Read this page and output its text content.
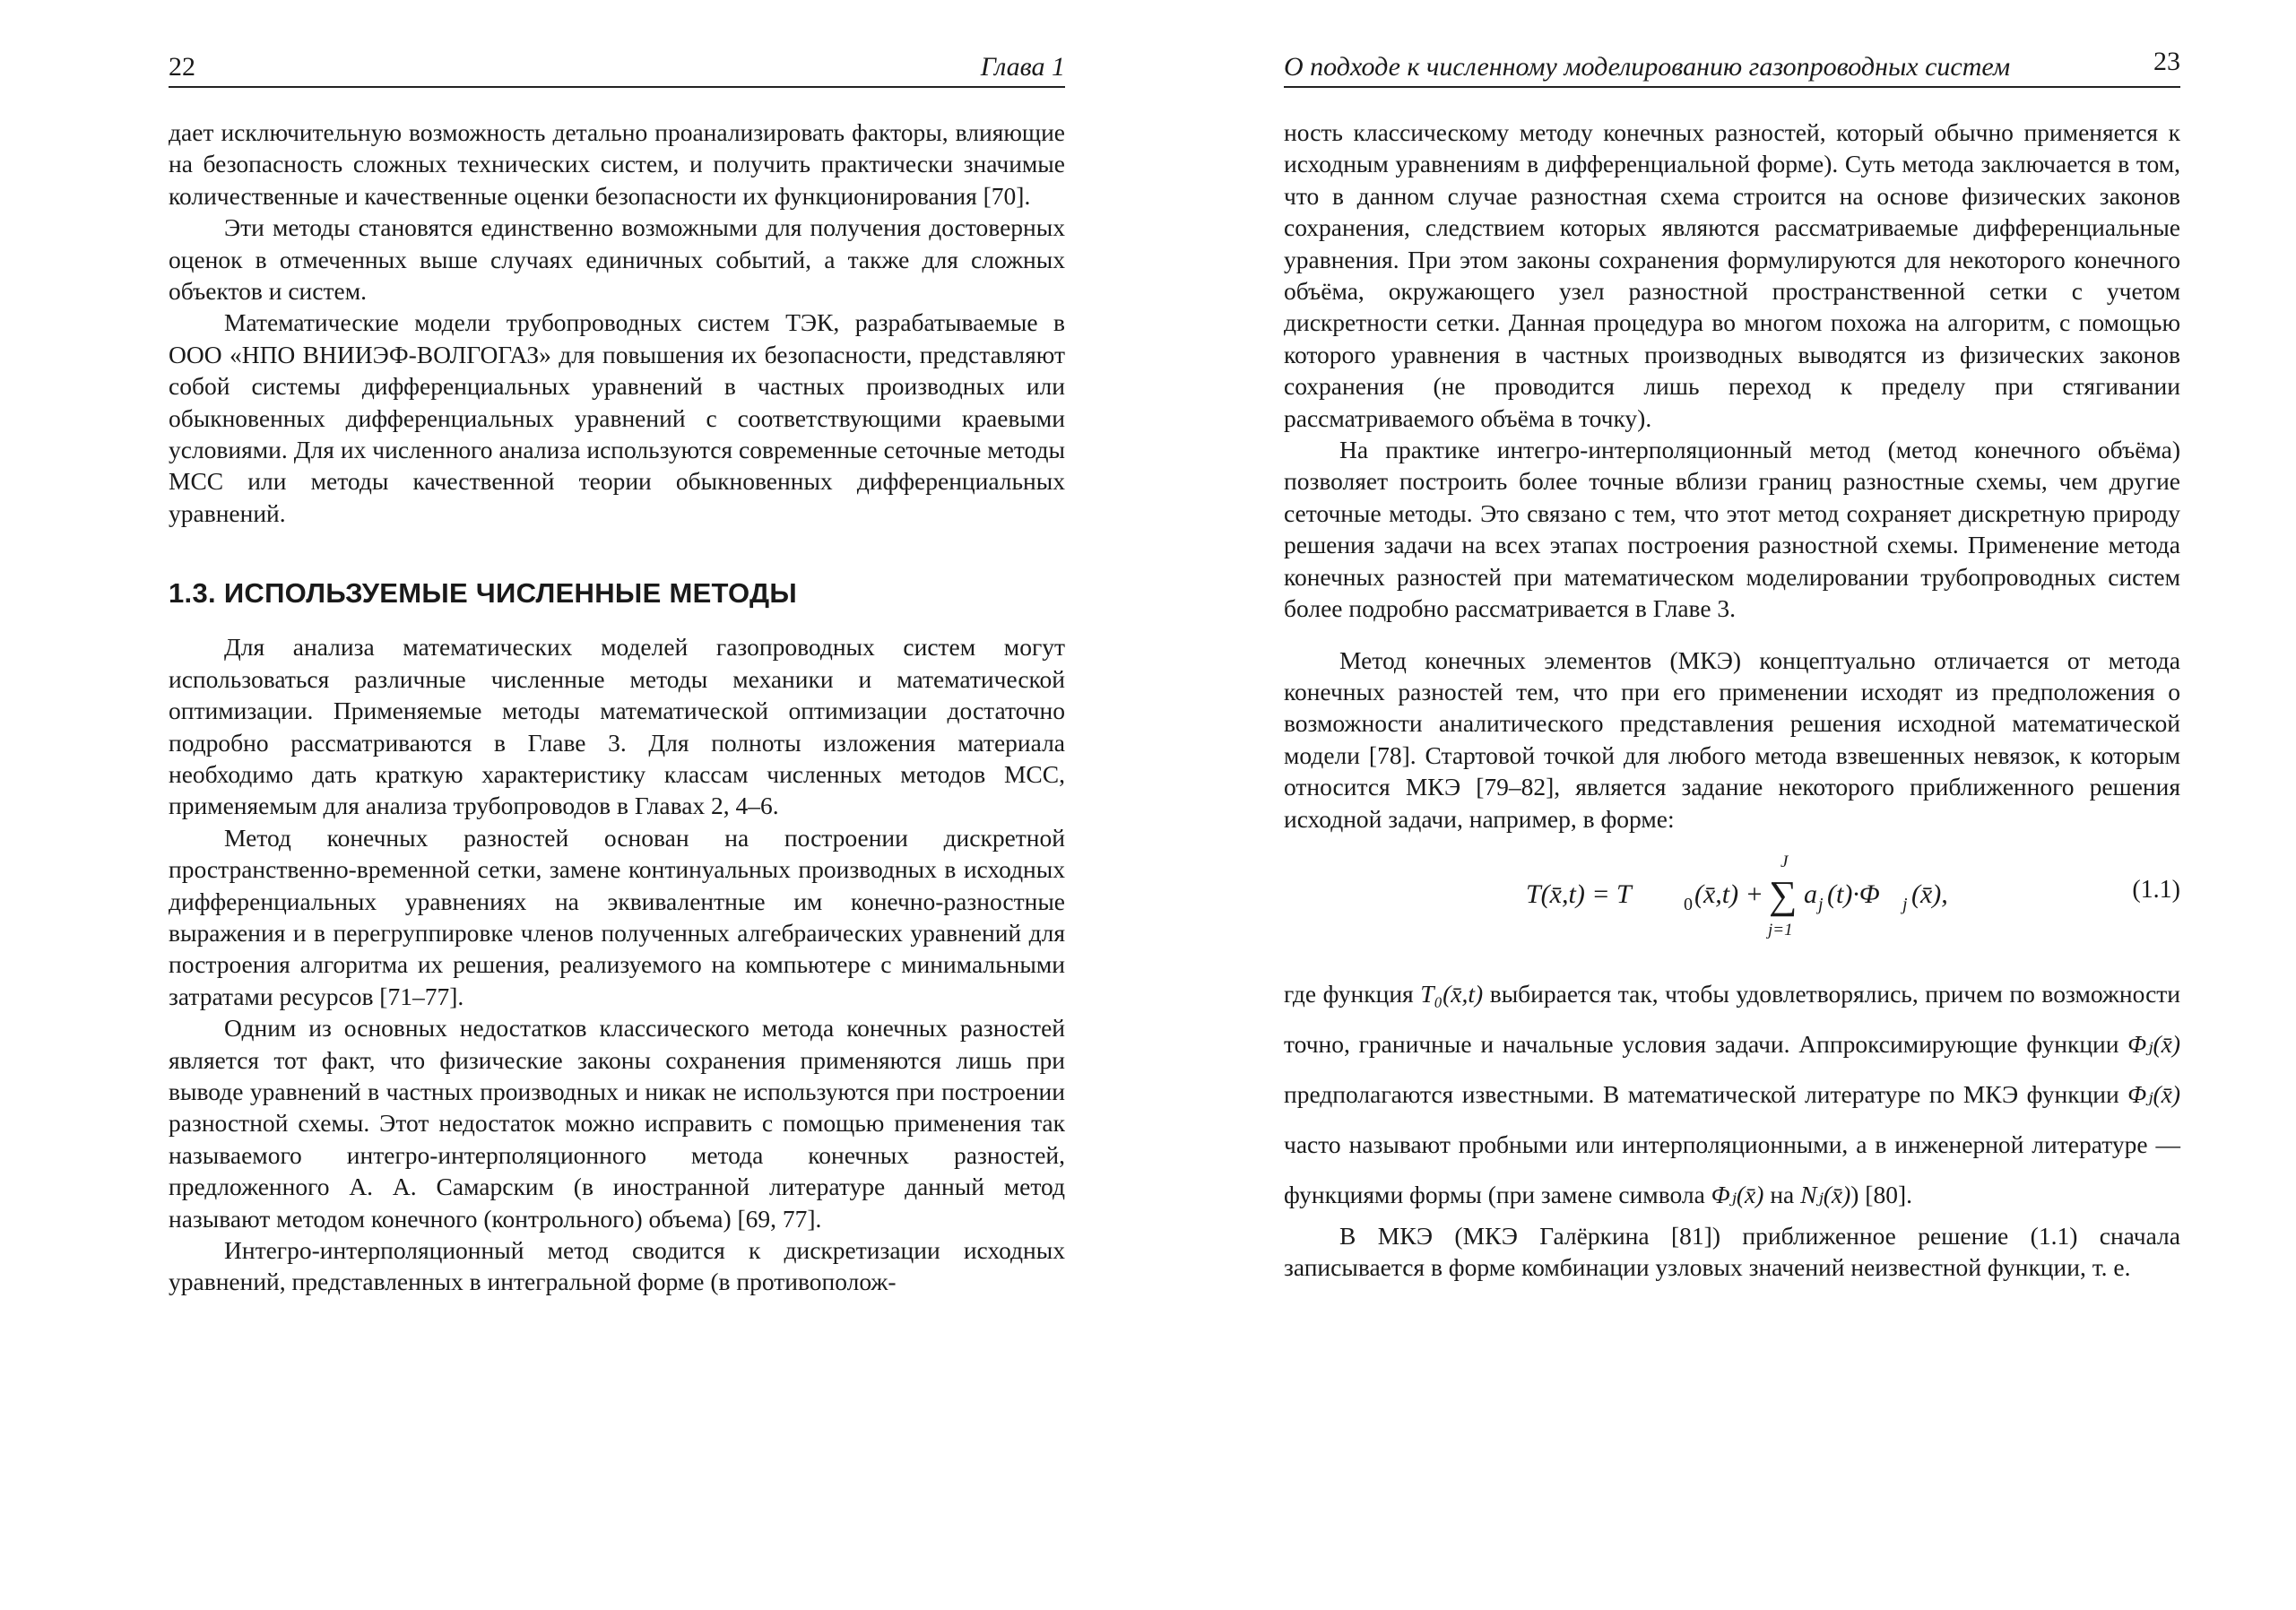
22	Глава 1

дает исключительную возможность детально проанализировать факторы, влияющие на безопасность сложных технических систем, и получить практически значимые количественные и качественные оценки безопасности их функционирования [70].

Эти методы становятся единственно возможными для получения достоверных оценок в отмеченных выше случаях единичных событий, а также для сложных объектов и систем.

Математические модели трубопроводных систем ТЭК, разрабатываемые в ООО «НПО ВНИИЭФ-ВОЛГОГАЗ» для повышения их безопасности, представляют собой системы дифференциальных уравнений в частных производных или обыкновенных дифференциальных уравнений с соответствующими краевыми условиями. Для их численного анализа используются современные сеточные методы МСС или методы качественной теории обыкновенных дифференциальных уравнений.

1.3. ИСПОЛЬЗУЕМЫЕ ЧИСЛЕННЫЕ МЕТОДЫ

Для анализа математических моделей газопроводных систем могут использоваться различные численные методы механики и математической оптимизации. Применяемые методы математической оптимизации достаточно подробно рассматриваются в Главе 3. Для полноты изложения материала необходимо дать краткую характеристику классам численных методов МСС, применяемым для анализа трубопроводов в Главах 2, 4–6.

Метод конечных разностей основан на построении дискретной пространственно-временной сетки, замене континуальных производных в исходных дифференциальных уравнениях на эквивалентные им конечно-разностные выражения и в перегруппировке членов полученных алгебраических уравнений для построения алгоритма их решения, реализуемого на компьютере с минимальными затратами ресурсов [71–77].

Одним из основных недостатков классического метода конечных разностей является тот факт, что физические законы сохранения применяются лишь при выводе уравнений в частных производных и никак не используются при построении разностной схемы. Этот недостаток можно исправить с помощью применения так называемого интегро-интерполяционного метода конечных разностей, предложенного А. А. Самарским (в иностранной литературе данный метод называют методом конечного (контрольного) объема) [69, 77].

Интегро-интерполяционный метод сводится к дискретизации исходных уравнений, представленных в интегральной форме (в противополож-

О подходе к численному моделированию газопроводных систем	23

ность классическому методу конечных разностей, который обычно применяется к исходным уравнениям в дифференциальной форме). Суть метода заключается в том, что в данном случае разностная схема строится на основе физических законов сохранения, следствием которых являются рассматриваемые дифференциальные уравнения. При этом законы сохранения формулируются для некоторого конечного объёма, окружающего узел разностной пространственной сетки с учетом дискретности сетки. Данная процедура во многом похожа на алгоритм, с помощью которого уравнения в частных производных выводятся из физических законов сохранения (не проводится лишь переход к пределу при стягивании рассматриваемого объёма в точку).

На практике интегро-интерполяционный метод (метод конечного объёма) позволяет построить более точные вблизи границ разностные схемы, чем другие сеточные методы. Это связано с тем, что этот метод сохраняет дискретную природу решения задачи на всех этапах построения разностной схемы. Применение метода конечных разностей при математическом моделировании трубопроводных систем более подробно рассматривается в Главе 3.

Метод конечных элементов (МКЭ) концептуально отличается от метода конечных разностей тем, что при его применении исходят из предположения о возможности аналитического представления решения исходной математической модели [78]. Стартовой точкой для любого метода взвешенных невязок, к которым относится МКЭ [79–82], является задание некоторого приближенного решения исходной задачи, например, в форме:

T(x̄,t) = T	0 (x̄,t) +
J
∑
j=1
a j (t)·Φ j (x̄),	(1.1)

где функция T₀(x̄,t) выбирается так, чтобы удовлетворялись, причем по возможности точно, граничные и начальные условия задачи. Аппроксимирующие функции Φⱼ(x̄) предполагаются известными. В математической литературе по МКЭ функции Φⱼ(x̄) часто называют пробными или интерполяционными, а в инженерной литературе — функциями формы (при замене символа Φⱼ(x̄) на Nⱼ(x̄)) [80].

В МКЭ (МКЭ Галёркина [81]) приближенное решение (1.1) сначала записывается в форме комбинации узловых значений неизвестной функции, т. е.
